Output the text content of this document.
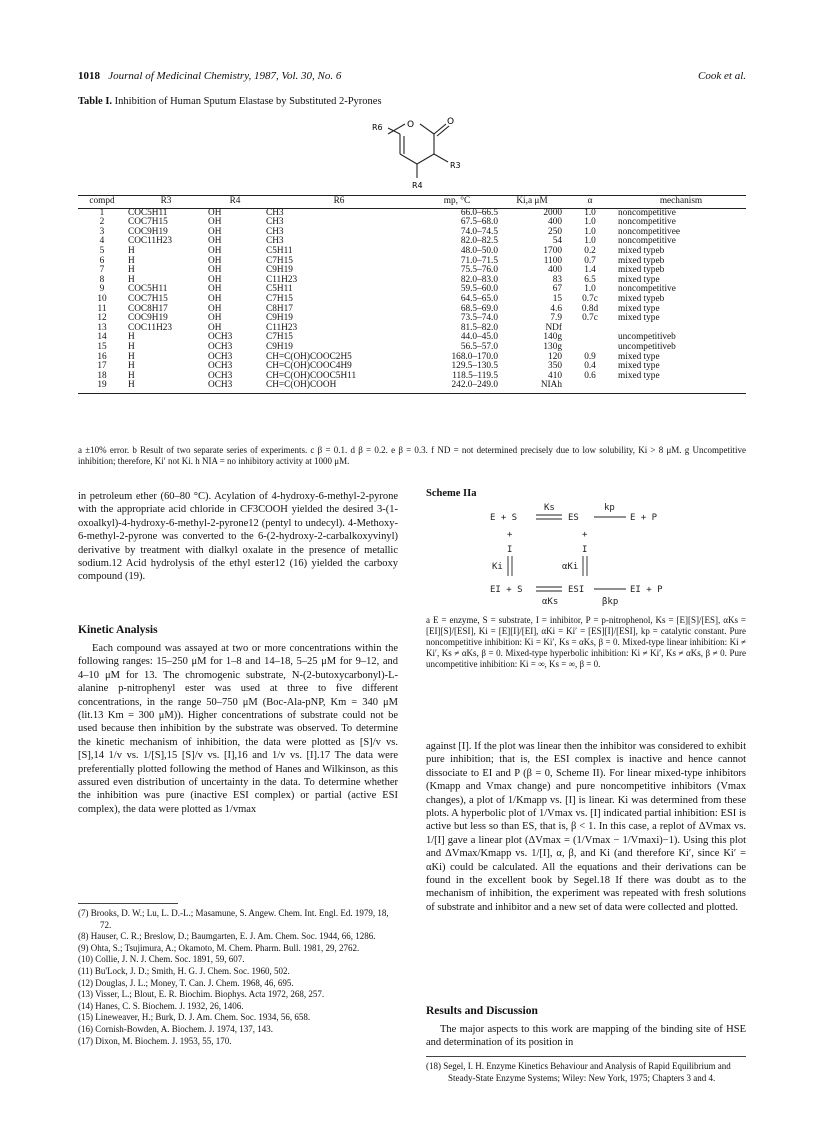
1018 Journal of Medicinal Chemistry, 1987, Vol. 30, No. 6	Cook et al.
Table I. Inhibition of Human Sputum Elastase by Substituted 2-Pyrones
R6	O	O
R3
R4
compd	R3	R4	R6	mp, °C	Ki,a μM	α	mechanism
1	COC5H11	OH	CH3	66.0–66.5	2000	1.0	noncompetitive
2	COC7H15	OH	CH3	67.5–68.0	400	1.0	noncompetitive
3	COC9H19	OH	CH3	74.0–74.5	250	1.0	noncompetitivee
4	COC11H23	OH	CH3	82.0–82.5	54	1.0	noncompetitive
5	H	OH	C5H11	48.0–50.0	1700	0.2	mixed typeb
6	H	OH	C7H15	71.0–71.5	1100	0.7	mixed typeb
7	H	OH	C9H19	75.5–76.0	400	1.4	mixed typeb
8	H	OH	C11H23	82.0–83.0	83	6.5	mixed type
9	COC5H11	OH	C5H11	59.5–60.0	67	1.0	noncompetitive
10	COC7H15	OH	C7H15	64.5–65.0	15	0.7c	mixed typeb
11	COC8H17	OH	C8H17	68.5–69.0	4.6	0.8d	mixed type
12	COC9H19	OH	C9H19	73.5–74.0	7.9	0.7c	mixed type
13	COC11H23	OH	C11H23	81.5–82.0	NDf		
14	H	OCH3	C7H15	44.0–45.0	140g		uncompetitiveb
15	H	OCH3	C9H19	56.5–57.0	130g		uncompetitiveb
16	H	OCH3	CH=C(OH)COOC2H5	168.0–170.0	120	0.9	mixed type
17	H	OCH3	CH=C(OH)COOC4H9	129.5–130.5	350	0.4	mixed type
18	H	OCH3	CH=C(OH)COOC5H11	118.5–119.5	410	0.6	mixed type
19	H	OCH3	CH=C(OH)COOH	242.0–249.0	NIAh		
a ±10% error. b Result of two separate series of experiments. c β = 0.1. d β = 0.2. e β = 0.3. f ND = not determined precisely due to low solubility, Ki > 8 μM. g Uncompetitive inhibition; therefore, Ki′ not Ki. h NIA = no inhibitory activity at 1000 μM.
in petroleum ether (60–80 °C). Acylation of 4-hydroxy-6-methyl-2-pyrone with the appropriate acid chloride in CF3COOH yielded the desired 3-(1-oxoalkyl)-4-hydroxy-6-methyl-2-pyrone12 (pentyl to undecyl). 4-Methoxy-6-methyl-2-pyrone was converted to the 6-(2-hydroxy-2-carbalkoxyvinyl) derivative by treatment with dialkyl oxalate in the presence of metallic sodium.12 Acid hydrolysis of the ethyl ester12 (16) yielded the carboxy compound (19).
Kinetic Analysis
Each compound was assayed at two or more concentrations within the following ranges: 15–250 μM for 1–8 and 14–18, 5–25 μM for 9–12, and 4–10 μM for 13. The chromogenic substrate, N-(2-butoxycarbonyl)-L-alanine p-nitrophenyl ester was used at three to five different concentrations, in the range 50–750 μM (Boc-Ala-pNP, Km = 340 μM (lit.13 Km = 300 μM)). Higher concentrations of substrate could not be used because then inhibition by the substrate was observed. To determine the kinetic mechanism of inhibition, the data were plotted as [S]/v vs. [S],14 1/v vs. 1/[S],15 [S]/v vs. [I],16 and 1/v vs. [I].17 The data were preferentially plotted following the method of Hanes and Wilkinson, as this assured even distribution of uncertainty in the data. To determine whether the inhibition was pure (inactive ESI complex) or partial (active ESI complex), the data were plotted as 1/vmax
(7) Brooks, D. W.; Lu, L. D.-L.; Masamune, S. Angew. Chem. Int. Engl. Ed. 1979, 18, 72.
(8) Hauser, C. R.; Breslow, D.; Baumgarten, E. J. Am. Chem. Soc. 1944, 66, 1286.
(9) Ohta, S.; Tsujimura, A.; Okamoto, M. Chem. Pharm. Bull. 1981, 29, 2762.
(10) Collie, J. N. J. Chem. Soc. 1891, 59, 607.
(11) Bu'Lock, J. D.; Smith, H. G. J. Chem. Soc. 1960, 502.
(12) Douglas, J. L.; Money, T. Can. J. Chem. 1968, 46, 695.
(13) Visser, L.; Blout, E. R. Biochim. Biophys. Acta 1972, 268, 257.
(14) Hanes, C. S. Biochem. J. 1932, 26, 1406.
(15) Lineweaver, H.; Burk, D. J. Am. Chem. Soc. 1934, 56, 658.
(16) Cornish-Bowden, A. Biochem. J. 1974, 137, 143.
(17) Dixon, M. Biochem. J. 1953, 55, 170.
Scheme IIa
E + S	ES	E + P
Ks	kp
+	+
I	I
Ki	αKi
EI + S	ESI	EI + P
αKs	βkp
a E = enzyme, S = substrate, I = inhibitor, P = p-nitrophenol, Ks = [E][S]/[ES], αKs = [EI][S]/[ESI], Ki = [E][I]/[EI], αKi = Ki′ = [ES][I]/[ESI], kp = catalytic constant. Pure noncompetitive inhibition: Ki = Ki′, Ks = αKs, β = 0. Mixed-type linear inhibition: Ki ≠ Ki′, Ks ≠ αKs, β = 0. Mixed-type hyperbolic inhibition: Ki ≠ Ki′, Ks ≠ αKs, β ≠ 0. Pure uncompetitive inhibition: Ki = ∞, Ks = ∞, β = 0.
against [I]. If the plot was linear then the inhibitor was considered to exhibit pure inhibition; that is, the ESI complex is inactive and hence cannot dissociate to EI and P (β = 0, Scheme II). For linear mixed-type inhibitors (Kmapp and Vmax change) and pure noncompetitive inhibitors (Vmax changes), a plot of 1/Kmapp vs. [I] is linear. Ki was determined from these plots. A hyperbolic plot of 1/Vmax vs. [I] indicated partial inhibition: ESI is active but less so than ES, that is, β < 1. In this case, a replot of ΔVmax vs. 1/[I] gave a linear plot (ΔVmax = (1/Vmax − 1/Vmaxi)−1). Using this plot and ΔVmax/Kmapp vs. 1/[I], α, β, and Ki (and therefore Ki′, since Ki′ = αKi) could be calculated. All the equations and their derivations can be found in the excellent book by Segel.18 If there was doubt as to the mechanism of inhibition, the experiment was repeated with fresh solutions of substrate and inhibitor and a new set of data were collected and plotted.
Results and Discussion
The major aspects to this work are mapping of the binding site of HSE and determination of its position in
(18) Segel, I. H. Enzyme Kinetics Behaviour and Analysis of Rapid Equilibrium and Steady-State Enzyme Systems; Wiley: New York, 1975; Chapters 3 and 4.
